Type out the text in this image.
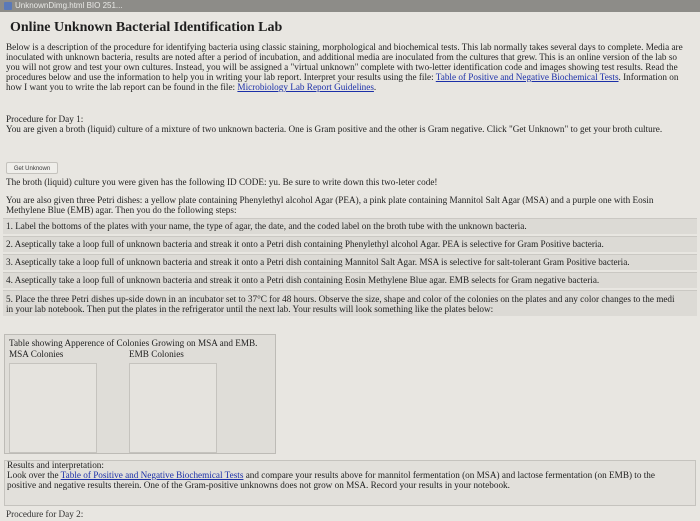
UnknownDimg.html BIO 251...
Online Unknown Bacterial Identification Lab
Below is a description of the procedure for identifying bacteria using classic staining, morphological and biochemical tests. This lab normally takes several days to complete. Media are
inoculated with unknown bacteria, results are noted after a period of incubation, and additional media are inoculated from the cultures that grew. This is an online version of the lab so
you will not grow and test your own cultures. Instead, you will be assigned a "virtual unknown" complete with two-letter identification code and images showing test results. Read the
procedures below and use the information to help you in writing your lab report. Interpret your results using the file: Table of Positive and Negative Biochemical Tests. Information on
how I want you to write the lab report can be found in the file: Microbiology Lab Report Guidelines.
Procedure for Day 1:
You are given a broth (liquid) culture of a mixture of two unknown bacteria. One is Gram positive and the other is Gram negative. Click "Get Unknown" to get your broth culture.
Get Unknown
The broth (liquid) culture you were given has the following ID CODE: yu. Be sure to write down this two-leter code!
You are also given three Petri dishes: a yellow plate containing Phenylethyl alcohol Agar (PEA), a pink plate containing Mannitol Salt Agar (MSA) and a purple one with Eosin
Methylene Blue (EMB) agar. Then you do the following steps:
1. Label the bottoms of the plates with your name, the type of agar, the date, and the coded label on the broth tube with the unknown bacteria.
2. Aseptically take a loop full of unknown bacteria and streak it onto a Petri dish containing Phenylethyl alcohol Agar. PEA is selective for Gram Positive bacteria.
3. Aseptically take a loop full of unknown bacteria and streak it onto a Petri dish containing Mannitol Salt Agar. MSA is selective for salt-tolerant Gram Positive bacteria.
4. Aseptically take a loop full of unknown bacteria and streak it onto a Petri dish containing Eosin Methylene Blue agar. EMB selects for Gram negative bacteria.
5. Place the three Petri dishes up-side down in an incubator set to 37°C for 48 hours. Observe the size, shape and color of the colonies on the plates and any color changes to the medi
in your lab notebook. Then put the plates in the refrigerator until the next lab. Your results will look something like the plates below:
Table showing Apperence of Colonies Growing on MSA and EMB.
MSA Colonies	EMB Colonies
Results and interpretation:
Look over the Table of Positive and Negative Biochemical Tests and compare your results above for mannitol fermentation (on MSA) and lactose fermentation (on EMB) to the
positive and negative results therein. One of the Gram-positive unknowns does not grow on MSA. Record your results in your notebook.
Procedure for Day 2:
